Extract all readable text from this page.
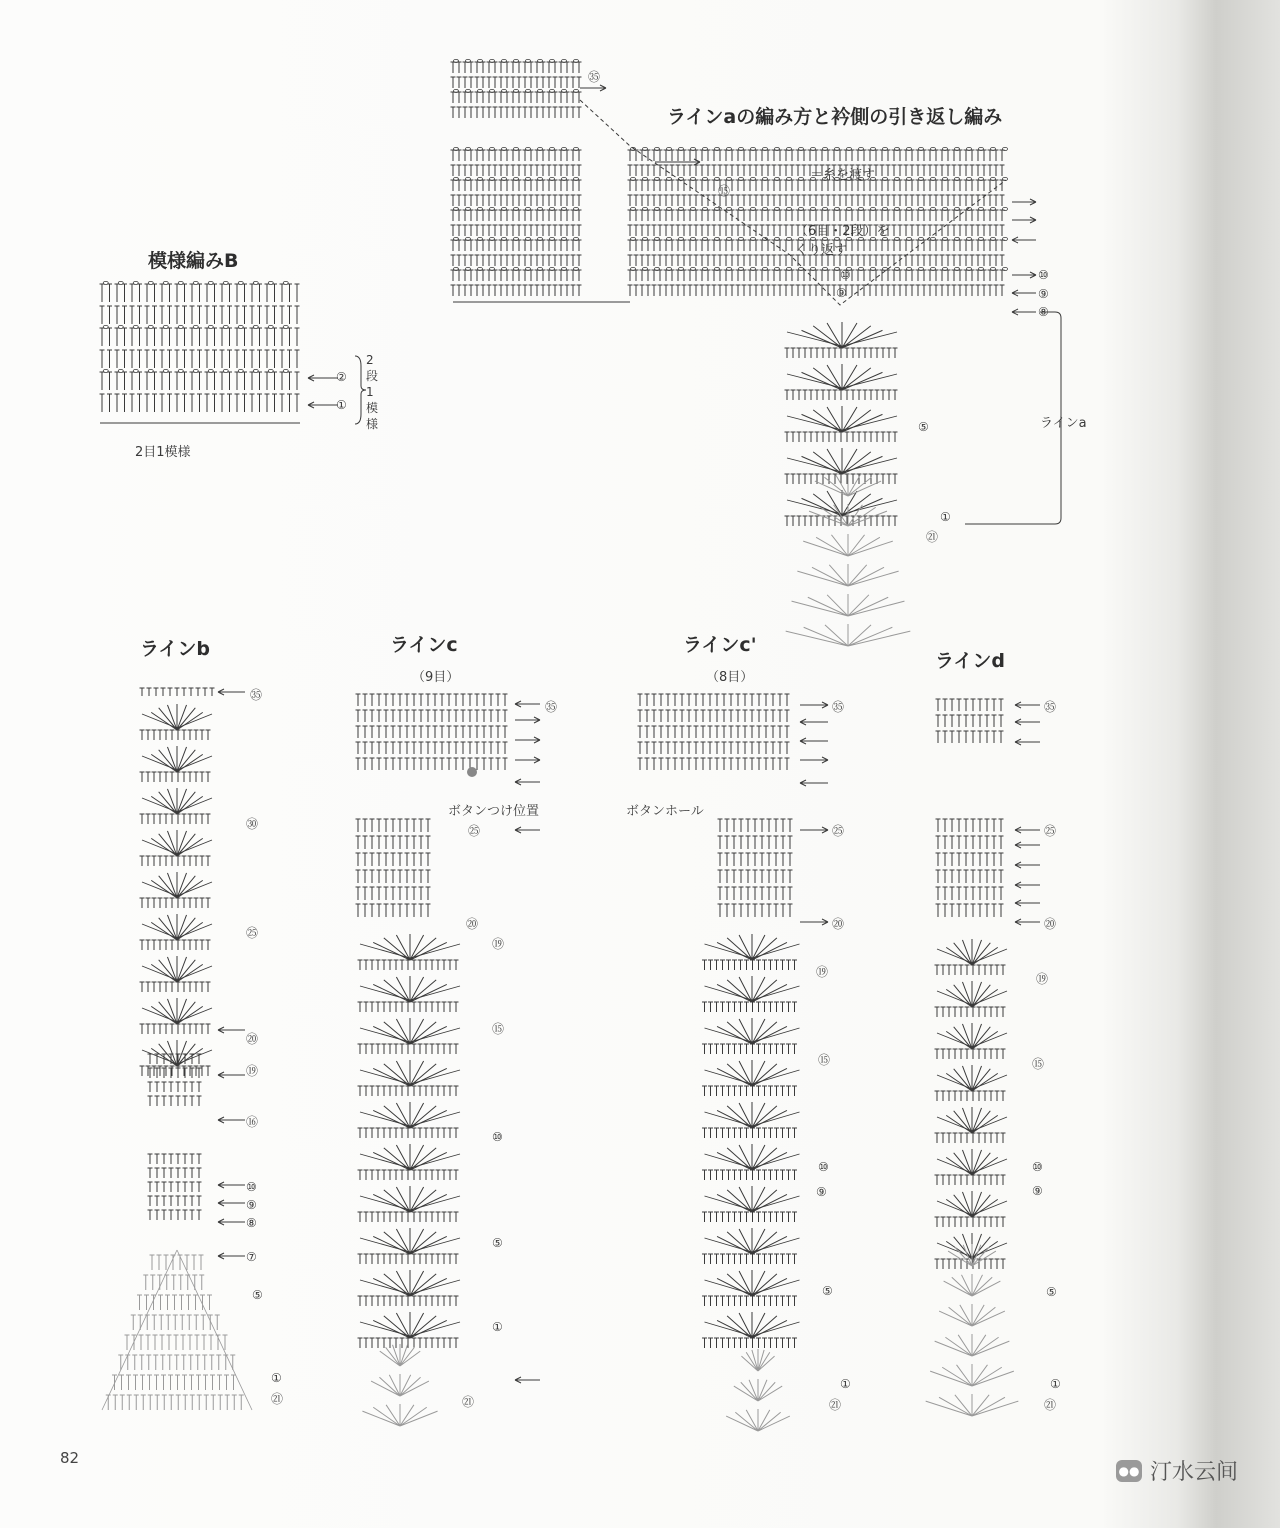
ラインaの編み方と衿側の引き返し編み
＝糸を渡す
（6目・2段）を
くり返す
ラインa
模様編みB
2段1模様
2目1模様
ラインb	ラインc	ラインc'
ラインd
（9目）	（8目）
ボタンつけ位置	ボタンホール
㉟
⑮
⑩
⑨
⑩
⑨
⑧
⑤
①
㉑
②
①
㉟
㉚
㉕
⑳
⑲
⑯
⑩
⑨
⑧
⑦
⑤
①
㉑
㉟
㉕
⑳
⑲
⑮
⑩
⑤
①
㉑
㉟
㉕
⑳
⑲
⑮
⑩
⑨
⑤
①
㉑
㉟
㉕
⑳
⑲
⑮
⑩
⑨
⑤
①
㉑
82
●● 汀水云间
